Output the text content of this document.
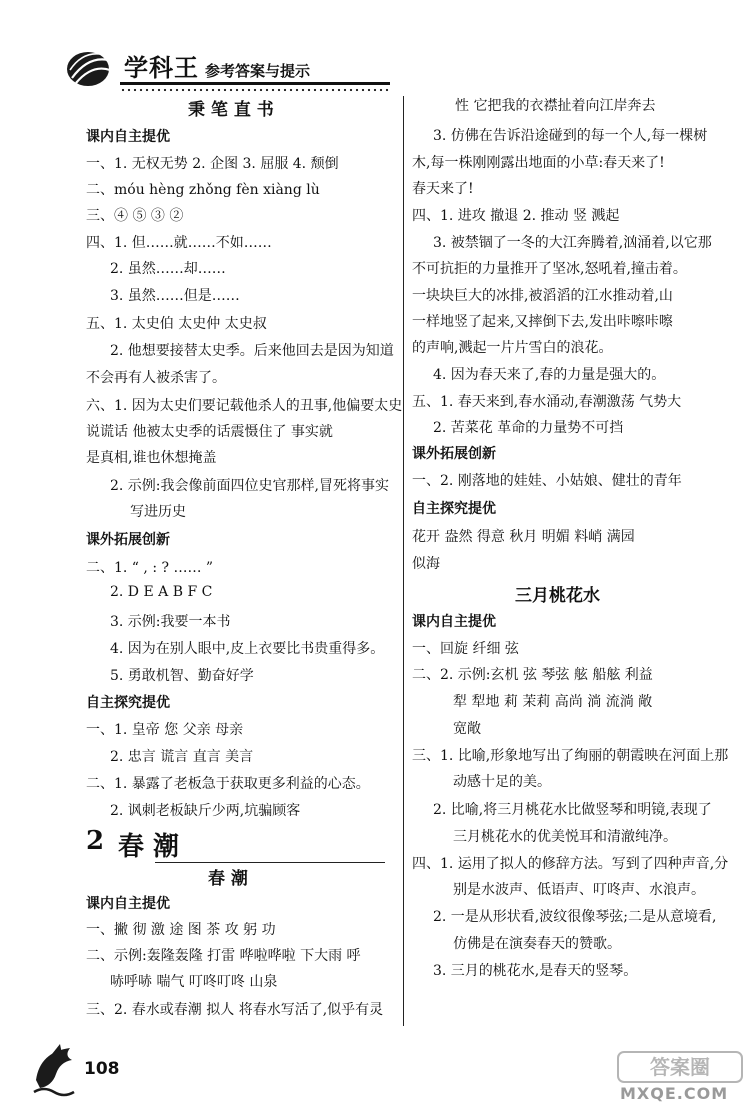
学科王 参考答案与提示
秉 笔 直 书
课内自主提优
一、1. 无权无势 2. 企图 3. 屈服 4. 颓倒
二、móu hèng zhǒng fèn xiàng lù
三、④ ⑤ ③ ②
四、1. 但……就……不如……
2. 虽然……却……
3. 虽然……但是……
五、1. 太史伯 太史仲 太史叔
2. 他想要接替太史季。后来他回去是因为知道
不会再有人被杀害了。
六、1. 因为太史们要记载他杀人的丑事,他偏要太史
说谎话 他被太史季的话震慑住了 事实就
是真相,谁也休想掩盖
2. 示例:我会像前面四位史官那样,冒死将事实
写进历史
课外拓展创新
二、1. “ , : ? …… ”
2. D E A B F C
3. 示例:我要一本书
4. 因为在别人眼中,皮上衣要比书贵重得多。
5. 勇敢机智、勤奋好学
自主探究提优
一、1. 皇帝 您 父亲 母亲
2. 忠言 谎言 直言 美言
二、1. 暴露了老板急于获取更多利益的心态。
2. 讽刺老板缺斤少两,坑骗顾客
2 春 潮
春 潮
课内自主提优
一、撇 彻 激 途 图 茶 攻 躬 功
二、示例:轰隆轰隆 打雷 哗啦哗啦 下大雨 呼
哧呼哧 喘气 叮咚叮咚 山泉
三、2. 春水或春潮 拟人 将春水写活了,似乎有灵
108
性 它把我的衣襟扯着向江岸奔去
3. 仿佛在告诉沿途碰到的每一个人,每一棵树
木,每一株刚刚露出地面的小草:春天来了!
春天来了!
四、1. 进攻 撤退 2. 推动 竖 溅起
3. 被禁锢了一冬的大江奔腾着,汹涌着,以它那
不可抗拒的力量推开了坚冰,怒吼着,撞击着。
一块块巨大的冰排,被滔滔的江水推动着,山
一样地竖了起来,又摔倒下去,发出咔嚓咔嚓
的声响,溅起一片片雪白的浪花。
4. 因为春天来了,春的力量是强大的。
五、1. 春天来到,春水涌动,春潮激荡 气势大
2. 苦菜花 革命的力量势不可挡
课外拓展创新
一、2. 刚落地的娃娃、小姑娘、健壮的青年
自主探究提优
花开 盎然 得意 秋月 明媚 料峭 满园
似海
三月桃花水
课内自主提优
一、回旋 纤细 弦
二、2. 示例:玄机 弦 琴弦 舷 船舷 利益
犁 犁地 莉 茉莉 高尚 淌 流淌 敞
宽敞
三、1. 比喻,形象地写出了绚丽的朝霞映在河面上那
动感十足的美。
2. 比喻,将三月桃花水比做竖琴和明镜,表现了
三月桃花水的优美悦耳和清澈纯净。
四、1. 运用了拟人的修辞方法。写到了四种声音,分
别是水波声、低语声、叮咚声、水浪声。
2. 一是从形状看,波纹很像琴弦;二是从意境看,
仿佛是在演奏春天的赞歌。
3. 三月的桃花水,是春天的竖琴。
答案圈
MXQE.COM
